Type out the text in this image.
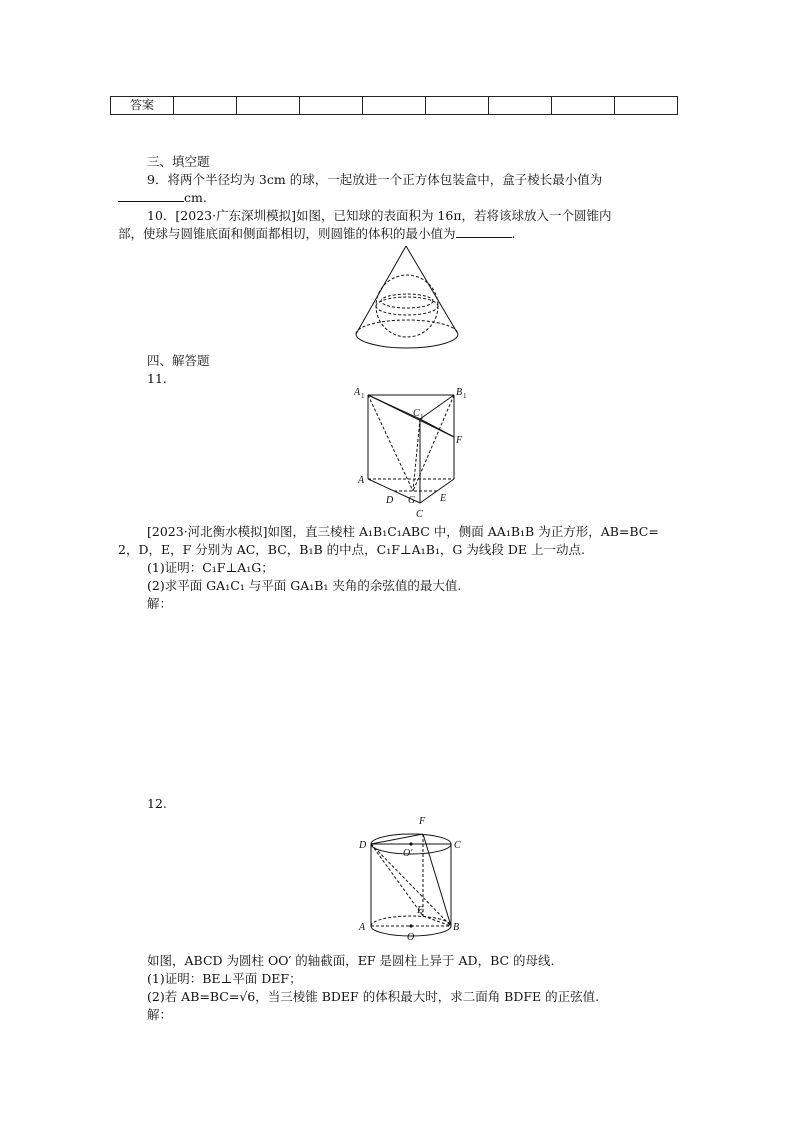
答案								
三、填空题
9．将两个半径均为 3cm 的球，一起放进一个正方体包装盒中，盒子棱长最小值为
cm.
10．[2023·广东深圳模拟]如图，已知球的表面积为 16π，若将该球放入一个圆锥内
部，使球与圆锥底面和侧面都相切，则圆锥的体积的最小值为	.
四、解答题
11.
A 1	B 1
C 1
F
A
D G E
C
[2023·河北衡水模拟]如图，直三棱柱 A₁B₁C₁ABC 中，侧面 AA₁B₁B 为正方形，AB=BC=
2，D，E，F 分别为 AC，BC，B₁B 的中点，C₁F⊥A₁B₁，G 为线段 DE 上一动点.
(1)证明：C₁F⊥A₁G；
(2)求平面 GA₁C₁ 与平面 GA₁B₁ 夹角的余弦值的最大值.
解：
12.
F
D	C
O′
A	B
E
O
如图，ABCD 为圆柱 OO′ 的轴截面，EF 是圆柱上异于 AD，BC 的母线.
(1)证明：BE⊥平面 DEF；
(2)若 AB=BC=√6，当三棱锥 BDEF 的体积最大时，求二面角 BDFE 的正弦值.
解：
